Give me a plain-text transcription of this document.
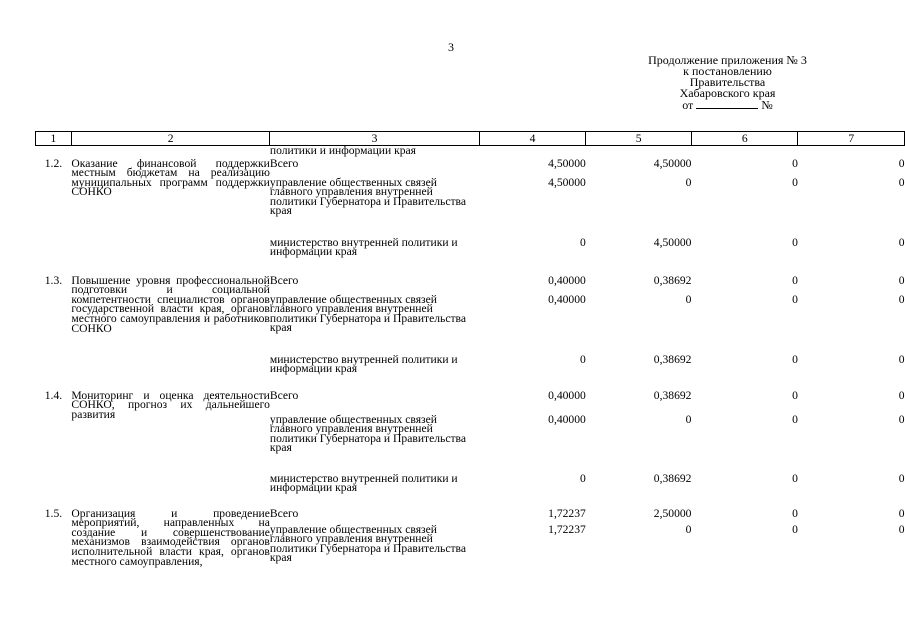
3
Продолжение приложения № 3
к постановлению
Правительства
Хабаровского края
от	№
1	2	3	4	5	6	7
		политики и информации края				
1.2.	Оказание финансовой поддержки местным бюджетам на реализацию муниципальных программ поддержки СОНКО	Всего	4,50000	4,50000	0	0
		управление общественных связей главного управления внутренней политики Губернатора и Правительства края	4,50000	0	0	0
		министерство внутренней политики и информации края	0	4,50000	0	0
1.3.	Повышение уровня профессиональной подготовки и социальной компетентности специалистов органов государственной власти края, органов местного самоуправления и работников СОНКО	Всего	0,40000	0,38692	0	0
		управление общественных связей главного управления внутренней политики Губернатора и Правительства края	0,40000	0	0	0
		министерство внутренней политики и информации края	0	0,38692	0	0
1.4.	Мониторинг и оценка деятельности СОНКО, прогноз их дальнейшего развития	Всего	0,40000	0,38692	0	0
		управление общественных связей главного управления внутренней политики Губернатора и Правительства края	0,40000	0	0	0
		министерство внутренней политики и информации края	0	0,38692	0	0
1.5.	Организация и проведение мероприятий, направленных на создание и совершенствование механизмов взаимодействия органов исполнительной власти края, органов местного самоуправления,	Всего	1,72237	2,50000	0	0
		управление общественных связей главного управления внутренней политики Губернатора и Правительства края	1,72237	0	0	0
